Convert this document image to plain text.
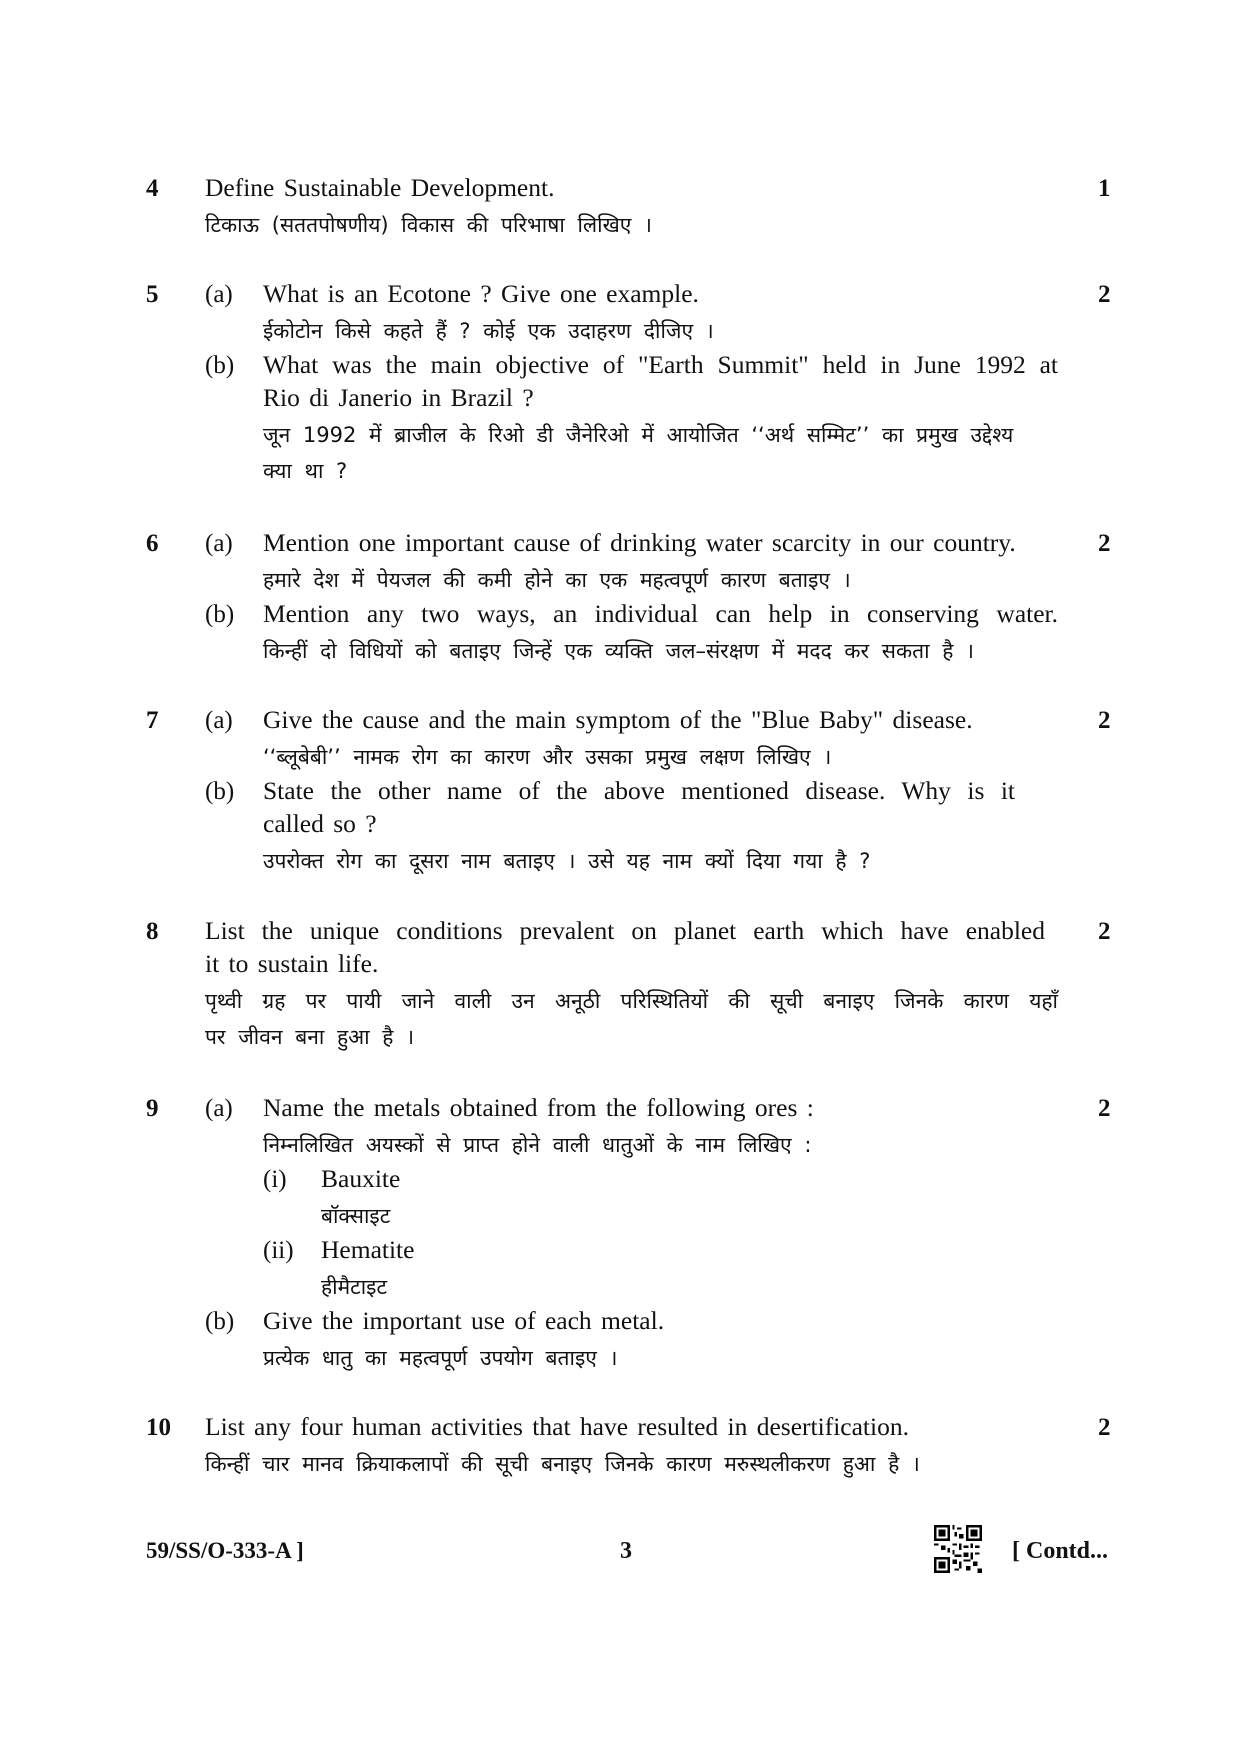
4 Define Sustainable Development.	1
टिकाऊ (सततपोषणीय) विकास की परिभाषा लिखिए ।
5 (a) What is an Ecotone ? Give one example.	2
ईकोटोन किसे कहते हैं ? कोई एक उदाहरण दीजिए ।
(b) What was the main objective of "Earth Summit" held in June 1992 at
Rio di Janerio in Brazil ?
जून 1992 में ब्राजील के रिओ डी जैनेरिओ में आयोजित ‘‘अर्थ सम्मिट’’ का प्रमुख उद्देश्य
क्या था ?
6 (a) Mention one important cause of drinking water scarcity in our country.	2
हमारे देश में पेयजल की कमी होने का एक महत्वपूर्ण कारण बताइए ।
(b) Mention any two ways, an individual can help in conserving water.
किन्हीं दो विधियों को बताइए जिन्हें एक व्यक्ति जल–संरक्षण में मदद कर सकता है ।
7 (a) Give the cause and the main symptom of the "Blue Baby" disease.	2
‘‘ब्लूबेबी’’ नामक रोग का कारण और उसका प्रमुख लक्षण लिखिए ।
(b) State the other name of the above mentioned disease. Why is it
called so ?
उपरोक्त रोग का दूसरा नाम बताइए । उसे यह नाम क्यों दिया गया है ?
8 List the unique conditions prevalent on planet earth which have enabled 2
it to sustain life.
पृथ्वी ग्रह पर पायी जाने वाली उन अनूठी परिस्थितियों की सूची बनाइए जिनके कारण यहाँ
पर जीवन बना हुआ है ।
9 (a) Name the metals obtained from the following ores :	2
निम्नलिखित अयस्कों से प्राप्त होने वाली धातुओं के नाम लिखिए :
(i) Bauxite
बॉक्साइट
(ii) Hematite
हीमैटाइट
(b) Give the important use of each metal.
प्रत्येक धातु का महत्वपूर्ण उपयोग बताइए ।
10 List any four human activities that have resulted in desertification.	2
किन्हीं चार मानव क्रियाकलापों की सूची बनाइए जिनके कारण मरुस्थलीकरण हुआ है ।
59/SS/O-333-A ]	3	[ Contd...
